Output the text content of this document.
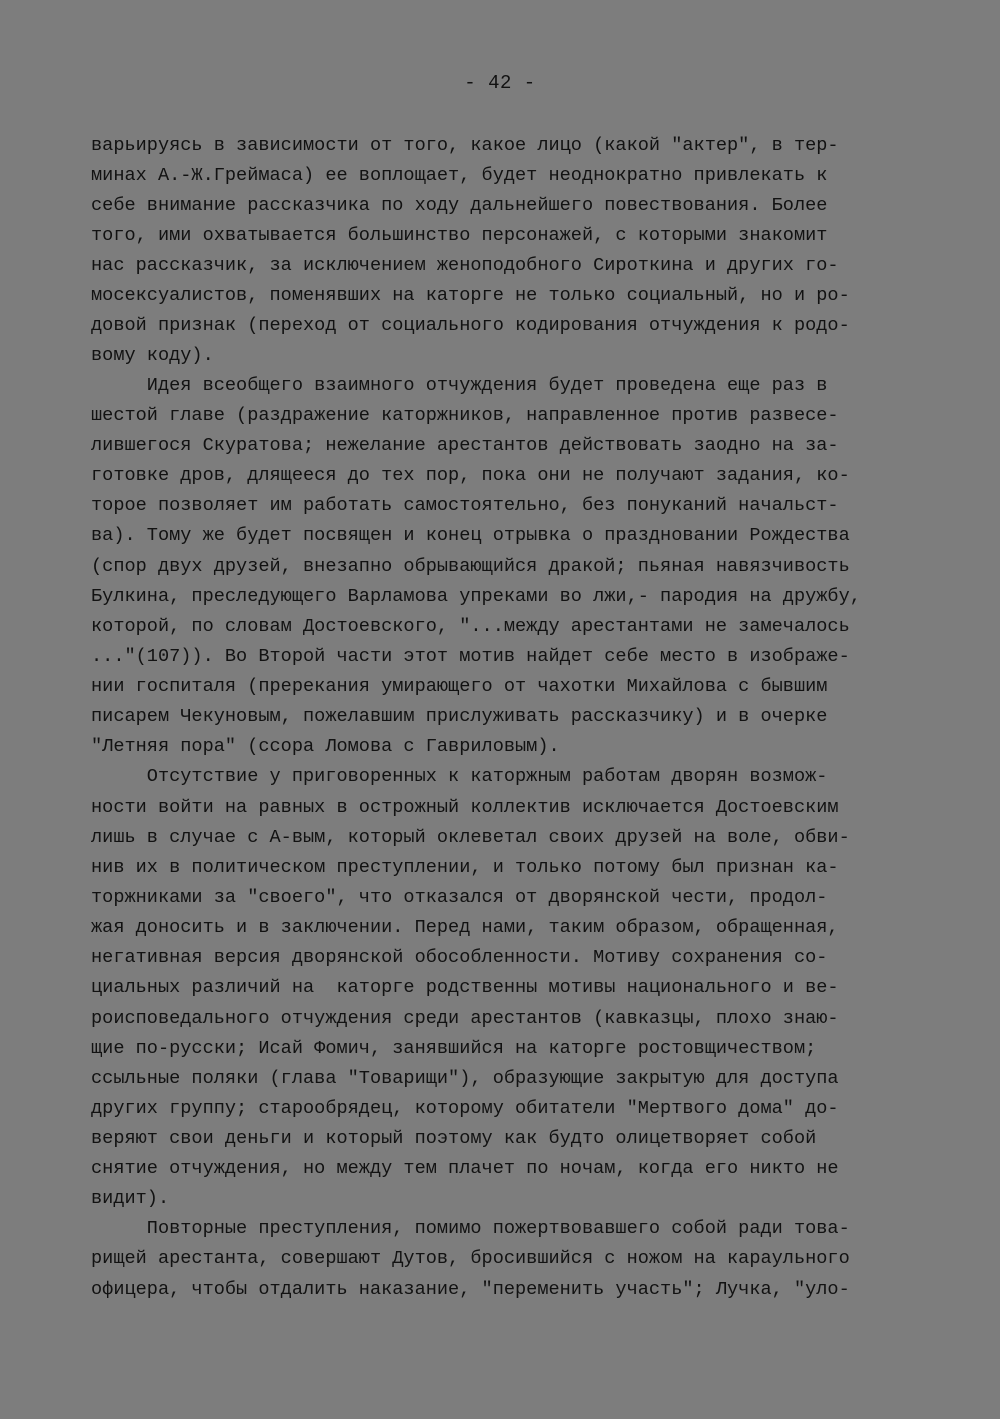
- 42 -
варьируясь в зависимости от того, какое лицо (какой "актер", в тер-
минах А.-Ж.Греймаса) ее воплощает, будет неоднократно привлекать к
себе внимание рассказчика по ходу дальнейшего повествования. Более
того, ими охватывается большинство персонажей, с которыми знакомит
нас рассказчик, за исключением женоподобного Сироткина и других го-
мосексуалистов, поменявших на каторге не только социальный, но и ро-
довой признак (переход от социального кодирования отчуждения к родо-
вому коду).
Идея всеобщего взаимного отчуждения будет проведена еще раз в
шестой главе (раздражение каторжников, направленное против развесе-
лившегося Скуратова; нежелание арестантов действовать заодно на за-
готовке дров, длящееся до тех пор, пока они не получают задания, ко-
торое позволяет им работать самостоятельно, без понуканий начальст-
ва). Тому же будет посвящен и конец отрывка о праздновании Рождества
(спор двух друзей, внезапно обрывающийся дракой; пьяная навязчивость
Булкина, преследующего Варламова упреками во лжи,- пародия на дружбу,
которой, по словам Достоевского, "...между арестантами не замечалось
..."(107)). Во Второй части этот мотив найдет себе место в изображе-
нии госпиталя (пререкания умирающего от чахотки Михайлова с бывшим
писарем Чекуновым, пожелавшим прислуживать рассказчику) и в очерке
"Летняя пора" (ссора Ломова с Гавриловым).
Отсутствие у приговоренных к каторжным работам дворян возмож-
ности войти на равных в острожный коллектив исключается Достоевским
лишь в случае с А-вым, который оклеветал своих друзей на воле, обви-
нив их в политическом преступлении, и только потому был признан ка-
торжниками за "своего", что отказался от дворянской чести, продол-
жая доносить и в заключении. Перед нами, таким образом, обращенная,
негативная версия дворянской обособленности. Мотиву сохранения со-
циальных различий на  каторге родственны мотивы национального и ве-
роисповедального отчуждения среди арестантов (кавказцы, плохо знаю-
щие по-русски; Исай Фомич, занявшийся на каторге ростовщичеством;
ссыльные поляки (глава "Товарищи"), образующие закрытую для доступа
других группу; старообрядец, которому обитатели "Мертвого дома" до-
веряют свои деньги и который поэтому как будто олицетворяет собой
снятие отчуждения, но между тем плачет по ночам, когда его никто не
видит).
Повторные преступления, помимо пожертвовавшего собой ради това-
рищей арестанта, совершают Дутов, бросившийся с ножом на караульного
офицера, чтобы отдалить наказание, "переменить участь"; Лучка, "уло-
